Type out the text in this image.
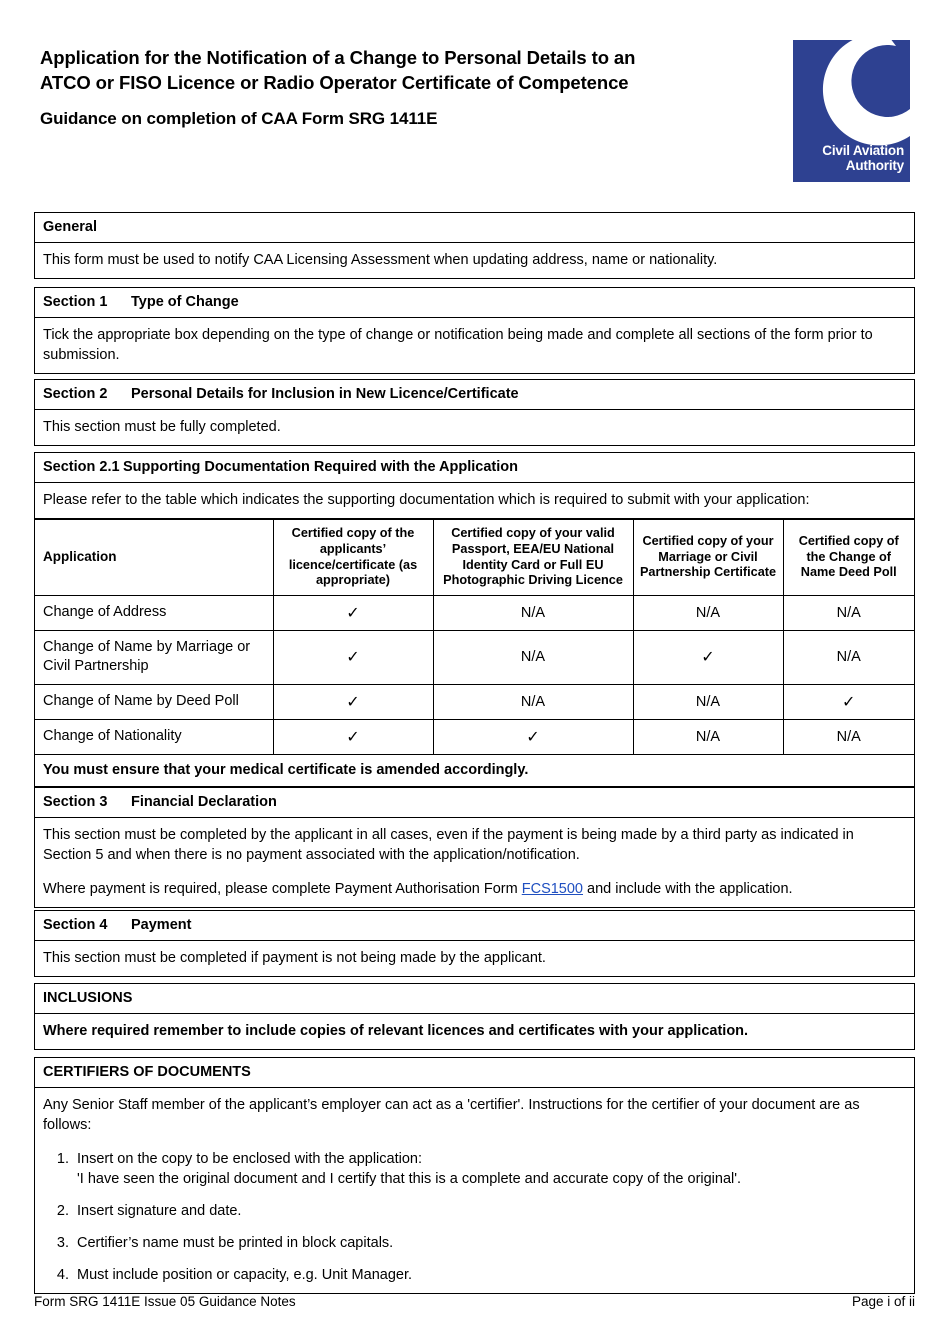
Application for the Notification of a Change to Personal Details to an
ATCO or FISO Licence or Radio Operator Certificate of Competence
Guidance on completion of CAA Form SRG 1411E
Civil Aviation
Authority
General
This form must be used to notify CAA Licensing Assessment when updating address, name or nationality.
Section 1 Type of Change
Tick the appropriate box depending on the type of change or notification being made and complete all sections of the form prior to submission.
Section 2 Personal Details for Inclusion in New Licence/Certificate
This section must be fully completed.
Section 2.1 Supporting Documentation Required with the Application
Please refer to the table which indicates the supporting documentation which is required to submit with your application:
Application	Certified copy of the applicants’ licence/certificate (as appropriate)	Certified copy of your valid Passport, EEA/EU National Identity Card or Full EU Photographic Driving Licence	Certified copy of your Marriage or Civil Partnership Certificate	Certified copy of the Change of Name Deed Poll
Change of Address	✓	N/A	N/A	N/A
Change of Name by Marriage or Civil Partnership	✓	N/A	✓	N/A
Change of Name by Deed Poll	✓	N/A	N/A	✓
Change of Nationality	✓	✓	N/A	N/A
You must ensure that your medical certificate is amended accordingly.
Section 3 Financial Declaration

This section must be completed by the applicant in all cases, even if the payment is being made by a third party as indicated in Section 5 and when there is no payment associated with the application/notification.

Where payment is required, please complete Payment Authorisation Form FCS1500 and include with the application.

Section 4 Payment
This section must be completed if payment is not being made by the applicant.
INCLUSIONS
Where required remember to include copies of relevant licences and certificates with your application.
CERTIFIERS OF DOCUMENTS

Any Senior Staff member of the applicant’s employer can act as a 'certifier'. Instructions for the certifier of your document are as follows:

1. Insert on the copy to be enclosed with the application:
'I have seen the original document and I certify that this is a complete and accurate copy of the original'.
2. Insert signature and date.
3. Certifier’s name must be printed in block capitals.
4. Must include position or capacity, e.g. Unit Manager.
Form SRG 1411E Issue 05 Guidance Notes	Page i of ii
